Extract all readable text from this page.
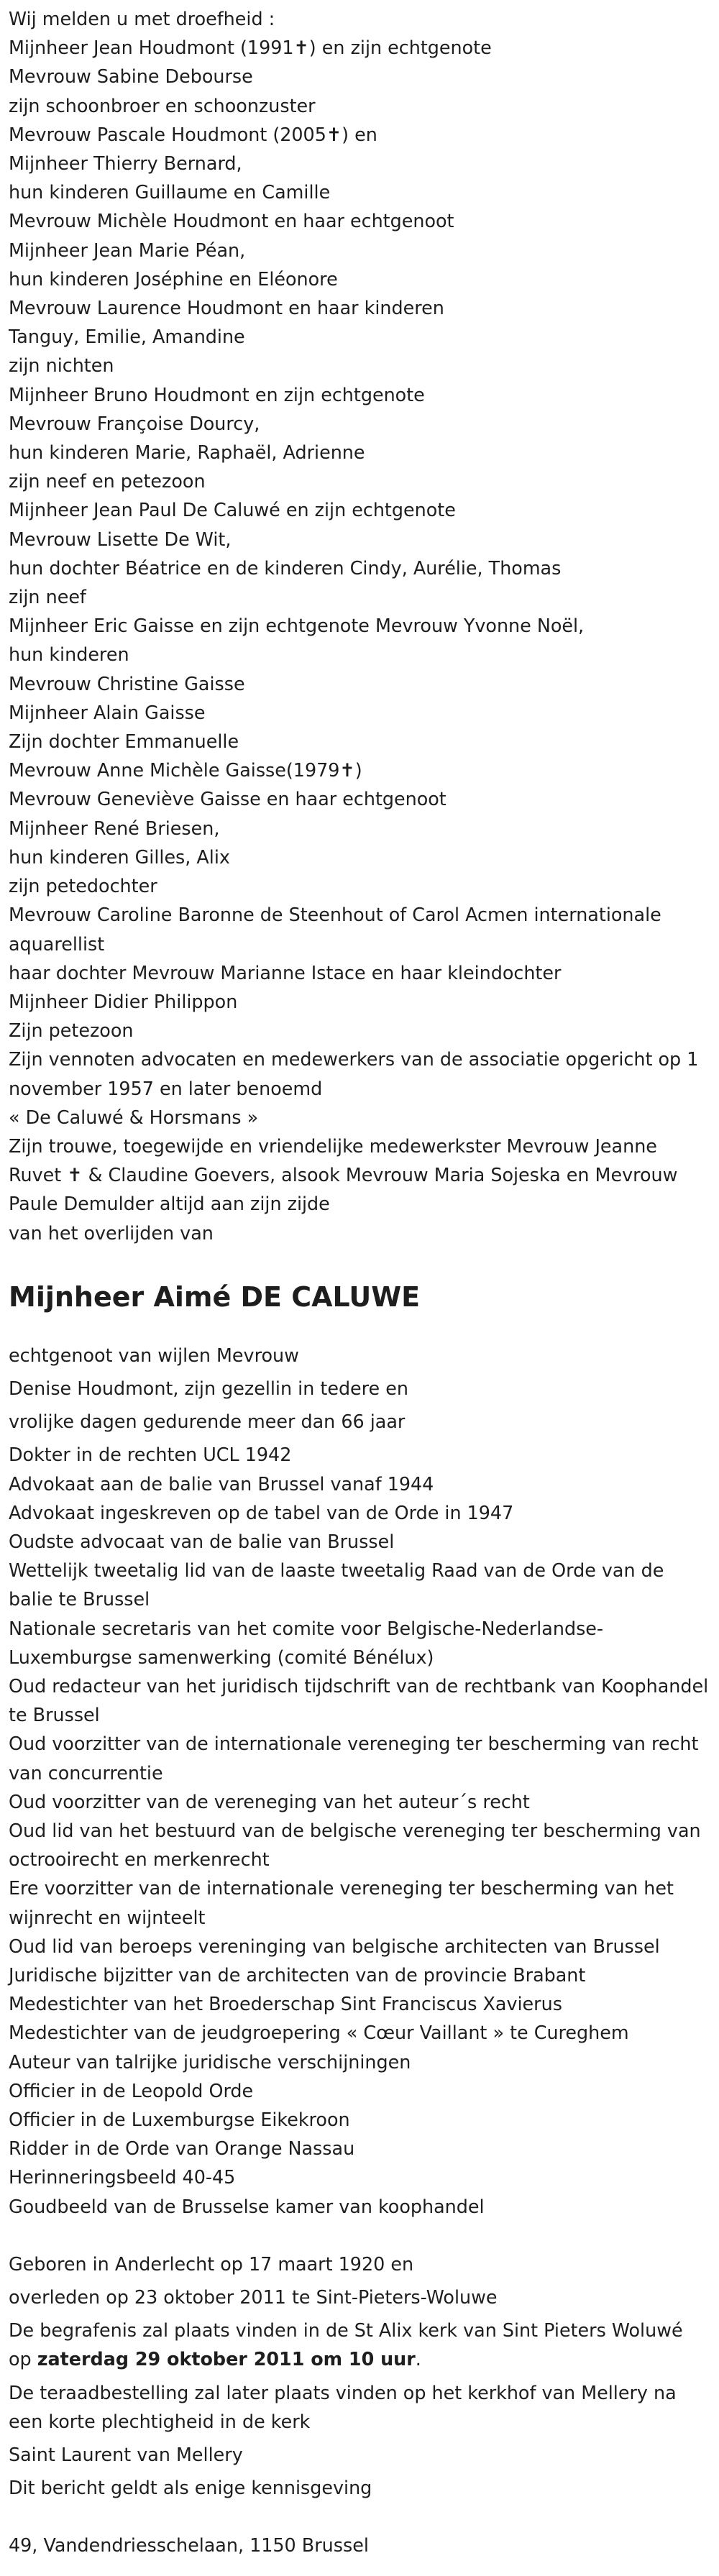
Wij melden u met droefheid :
Mijnheer Jean Houdmont (1991✝) en zijn echtgenote
Mevrouw Sabine Debourse
zijn schoonbroer en schoonzuster
Mevrouw Pascale Houdmont (2005✝) en
Mijnheer Thierry Bernard,
hun kinderen Guillaume en Camille
Mevrouw Michèle Houdmont en haar echtgenoot
Mijnheer Jean Marie Péan,
hun kinderen Joséphine en Eléonore
Mevrouw Laurence Houdmont en haar kinderen
Tanguy, Emilie, Amandine
zijn nichten
Mijnheer Bruno Houdmont en zijn echtgenote
Mevrouw Françoise Dourcy,
hun kinderen Marie, Raphaël, Adrienne
zijn neef en petezoon
Mijnheer Jean Paul De Caluwé en zijn echtgenote
Mevrouw Lisette De Wit,
hun dochter Béatrice en de kinderen Cindy, Aurélie, Thomas
zijn neef
Mijnheer Eric Gaisse en zijn echtgenote Mevrouw Yvonne Noël,
hun kinderen
Mevrouw Christine Gaisse
Mijnheer Alain Gaisse
Zijn dochter Emmanuelle
Mevrouw Anne Michèle Gaisse(1979✝)
Mevrouw Geneviève Gaisse en haar echtgenoot
Mijnheer René Briesen,
hun kinderen Gilles, Alix
zijn petedochter
Mevrouw Caroline Baronne de Steenhout of Carol Acmen internationale aquarellist
haar dochter Mevrouw Marianne Istace en haar kleindochter
Mijnheer Didier Philippon
Zijn petezoon
Zijn vennoten advocaten en medewerkers van de associatie opgericht op 1 november 1957 en later benoemd
« De Caluwé & Horsmans »
Zijn trouwe, toegewijde en vriendelijke medewerkster Mevrouw Jeanne Ruvet ✝ & Claudine Goevers, alsook Mevrouw Maria Sojeska en Mevrouw Paule Demulder altijd aan zijn zijde
van het overlijden van
Mijnheer Aimé DE CALUWE
echtgenoot van wijlen Mevrouw
Denise Houdmont, zijn gezellin in tedere en
vrolijke dagen gedurende meer dan 66 jaar
Dokter in de rechten UCL 1942
Advokaat aan de balie van Brussel vanaf 1944
Advokaat ingeskreven op de tabel van de Orde in 1947
Oudste advocaat van de balie van Brussel
Wettelijk tweetalig lid van de laaste tweetalig Raad van de Orde van de balie te Brussel
Nationale secretaris van het comite voor Belgische-Nederlandse-Luxemburgse samenwerking (comité Bénélux)
Oud redacteur van het juridisch tijdschrift van de rechtbank van Koophandel te Brussel
Oud voorzitter van de internationale vereneging ter bescherming van recht van concurrentie
Oud voorzitter van de vereneging van het auteur´s recht
Oud lid van het bestuurd van de belgische vereneging ter bescherming van octrooirecht en merkenrecht
Ere voorzitter van de internationale vereneging ter bescherming van het wijnrecht en wijnteelt
Oud lid van beroeps vereninging van belgische architecten van Brussel
Juridische bijzitter van de architecten van de provincie Brabant
Medestichter van het Broederschap Sint Franciscus Xavierus
Medestichter van de jeudgroepering « Cœur Vaillant » te Cureghem
Auteur van talrijke juridische verschijningen
Officier in de Leopold Orde
Officier in de Luxemburgse Eikekroon
Ridder in de Orde van Orange Nassau
Herinneringsbeeld 40-45
Goudbeeld van de Brusselse kamer van koophandel
Geboren in Anderlecht op 17 maart 1920 en
overleden op 23 oktober 2011 te Sint-Pieters-Woluwe
De begrafenis zal plaats vinden in de St Alix kerk van Sint Pieters Woluwé op zaterdag 29 oktober 2011 om 10 uur.
De teraadbestelling zal later plaats vinden op het kerkhof van Mellery na een korte plechtigheid in de kerk
Saint Laurent van Mellery
Dit bericht geldt als enige kennisgeving
49, Vandendriesschelaan, 1150 Brussel
